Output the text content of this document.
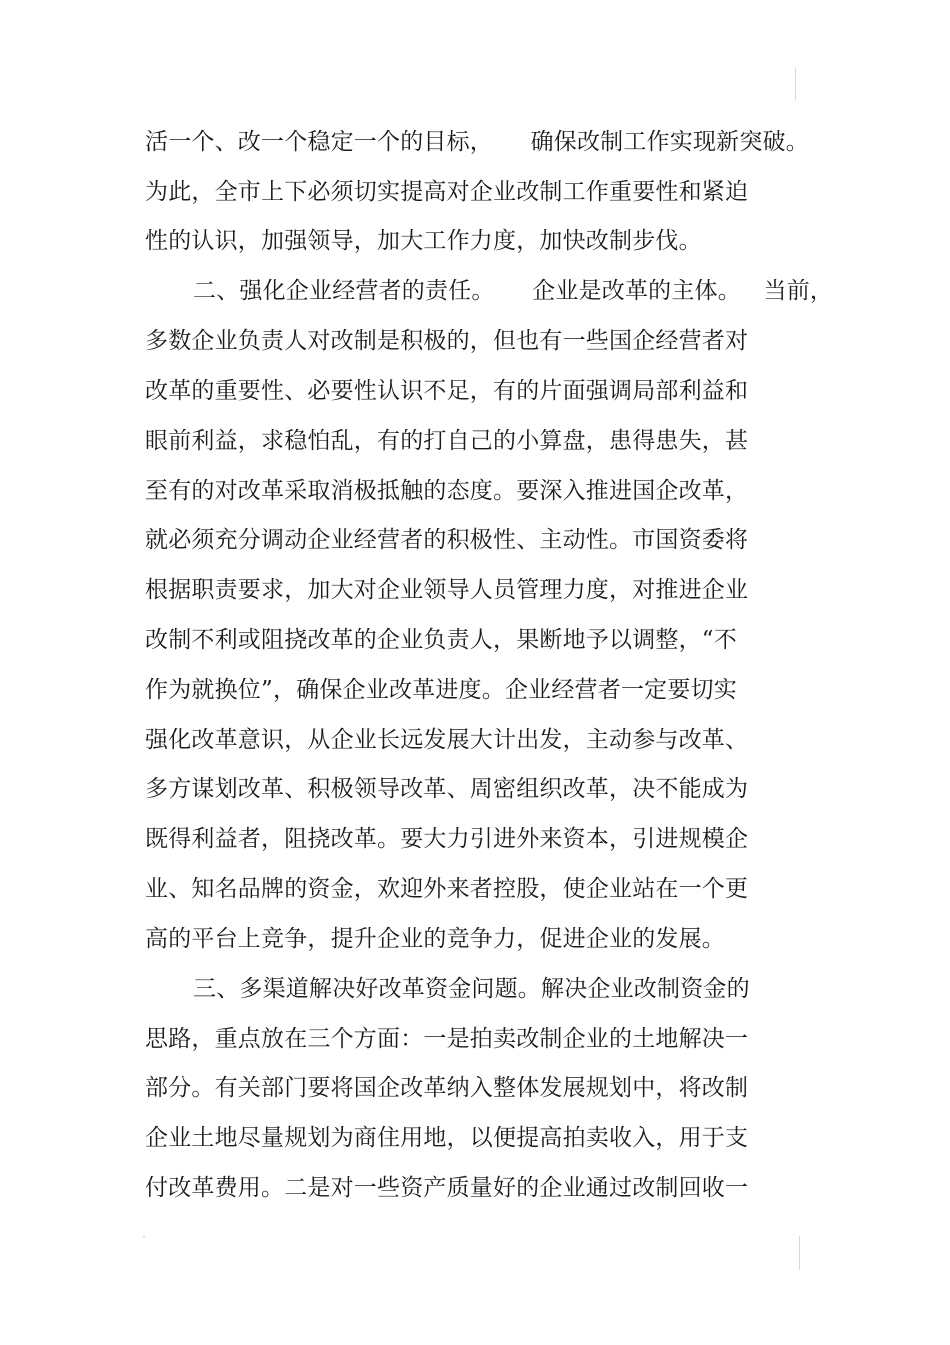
活一个、改一个稳定一个的目标，     确保改制工作实现新突破。
为此，全市上下必须切实提高对企业改制工作重要性和紧迫
性的认识，加强领导，加大工作力度，加快改制步伐。
二、强化企业经营者的责任。     企业是改革的主体。   当前，
多数企业负责人对改制是积极的，但也有一些国企经营者对
改革的重要性、必要性认识不足，有的片面强调局部利益和
眼前利益，求稳怕乱，有的打自己的小算盘，患得患失，甚
至有的对改革采取消极抵触的态度。要深入推进国企改革，
就必须充分调动企业经营者的积极性、主动性。市国资委将
根据职责要求，加大对企业领导人员管理力度，对推进企业
改制不利或阻挠改革的企业负责人，果断地予以调整，“不
作为就换位”，确保企业改革进度。企业经营者一定要切实
强化改革意识，从企业长远发展大计出发，主动参与改革、
多方谋划改革、积极领导改革、周密组织改革，决不能成为
既得利益者，阻挠改革。要大力引进外来资本，引进规模企
业、知名品牌的资金，欢迎外来者控股，使企业站在一个更
高的平台上竞争，提升企业的竞争力，促进企业的发展。
三、多渠道解决好改革资金问题。解决企业改制资金的
思路，重点放在三个方面：一是拍卖改制企业的土地解决一
部分。有关部门要将国企改革纳入整体发展规划中，将改制
企业土地尽量规划为商住用地，以便提高拍卖收入，用于支
付改革费用。二是对一些资产质量好的企业通过改制回收一
